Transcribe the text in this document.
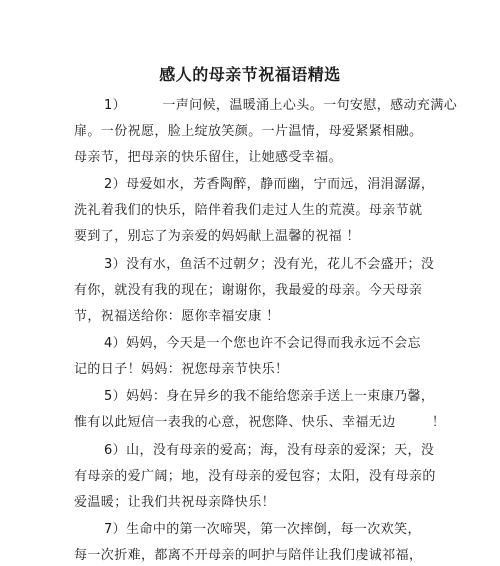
感人的母亲节祝福语精选
1）        一声问候，温暖涌上心头。一句安慰，感动充满心
扉。一份祝愿，脸上绽放笑颜。一片温情，母爱紧紧相融。
母亲节，把母亲的快乐留住，让她感受幸福。
2）母爱如水，芳香陶醉，静而幽，宁而远，涓涓潺潺，
洗礼着我们的快乐，陪伴着我们走过人生的荒漠。母亲节就
要到了，别忘了为亲爱的妈妈献上温馨的祝福 ！
3）没有水，鱼活不过朝夕；没有光，花儿不会盛开；没
有你，就没有我的现在；谢谢你，我最爱的母亲。今天母亲
节，祝福送给你：愿你幸福安康 ！
4）妈妈，今天是一个您也许不会记得而我永远不会忘
记的日子！妈妈：祝您母亲节快乐！
5）妈妈：身在异乡的我不能给您亲手送上一束康乃馨，
惟有以此短信一表我的心意，祝您降、快乐、幸福无边        ！
6）山，没有母亲的爱高；海，没有母亲的爱深；天，没
有母亲的爱广阔；地，没有母亲的爱包容；太阳，没有母亲的
爱温暖；让我们共祝母亲降快乐！
7）生命中的第一次啼哭，第一次摔倒，每一次欢笑，
每一次折难，都离不开母亲的呵护与陪伴让我们虔诚祁福，
